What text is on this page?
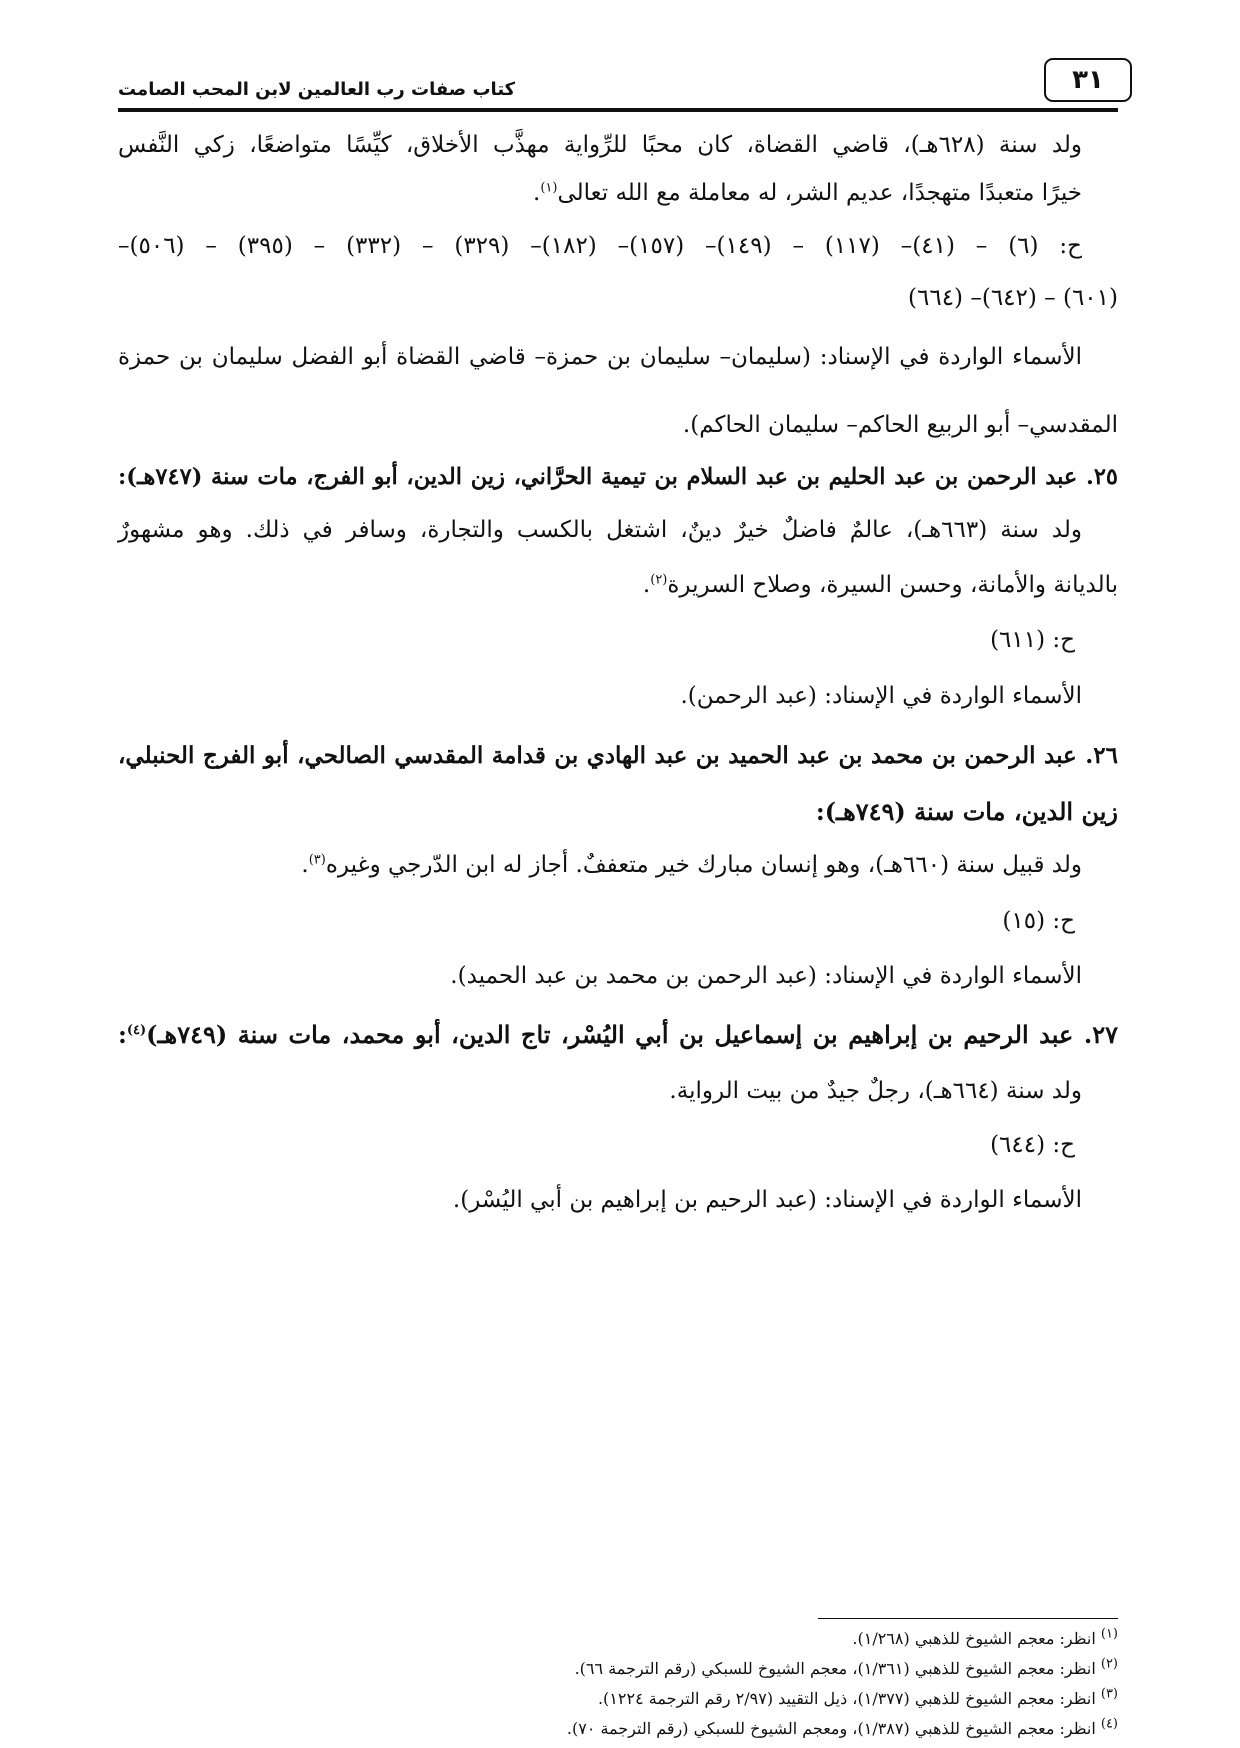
٣١
كتاب صفات رب العالمين لابن المحب الصامت
ولد سنة (٦٢٨هـ)، قاضي القضاة، كان محبًا للرِّواية مهذَّب الأخلاق، كيِّسًا متواضعًا، زكي النَّفس
خيرًا متعبدًا متهجدًا، عديم الشر، له معاملة مع الله تعالى$^{(١)}$.
ح: (٦) – (٤١)– (١١٧) – (١٤٩)– (١٥٧)– (١٨٢)– (٣٢٩) – (٣٣٢) – (٣٩٥) – (٥٠٦)–
(٦٠١) – (٦٤٢)– (٦٦٤)
الأسماء الواردة في الإسناد: (سليمان– سليمان بن حمزة– قاضي القضاة أبو الفضل سليمان بن حمزة
المقدسي– أبو الربيع الحاكم– سليمان الحاكم).
٢٥. عبد الرحمن بن عبد الحليم بن عبد السلام بن تيمية الحرَّاني، زين الدين، أبو الفرج، مات سنة (٧٤٧هـ):
ولد سنة (٦٦٣هـ)، عالمٌ فاضلٌ خيرٌ دينٌ، اشتغل بالكسب والتجارة، وسافر في ذلك. وهو مشهورٌ
بالديانة والأمانة، وحسن السيرة، وصلاح السريرة$^{(٢)}$.
ح: (٦١١)
الأسماء الواردة في الإسناد: (عبد الرحمن).
٢٦. عبد الرحمن بن محمد بن عبد الحميد بن عبد الهادي بن قدامة المقدسي الصالحي، أبو الفرج الحنبلي،
زين الدين، مات سنة (٧٤٩هـ):
ولد قبيل سنة (٦٦٠هـ)، وهو إنسان مبارك خير متعففٌ. أجاز له ابن الدّرجي وغيره$^{(٣)}$.
ح: (١٥)
الأسماء الواردة في الإسناد: (عبد الرحمن بن محمد بن عبد الحميد).
٢٧. عبد الرحيم بن إبراهيم بن إسماعيل بن أبي اليُسْر، تاج الدين، أبو محمد، مات سنة (٧٤٩هـ)$^{(٤)}$:
ولد سنة (٦٦٤هـ)، رجلٌ جيدٌ من بيت الرواية.
ح: (٦٤٤)
الأسماء الواردة في الإسناد: (عبد الرحيم بن إبراهيم بن أبي اليُسْر).
$^{(١)}$ انظر: معجم الشيوخ للذهبي (١/٢٦٨).
$^{(٢)}$ انظر: معجم الشيوخ للذهبي (١/٣٦١)، معجم الشيوخ للسبكي (رقم الترجمة ٦٦).
$^{(٣)}$ انظر: معجم الشيوخ للذهبي (١/٣٧٧)، ذيل التقييد (٢/٩٧ رقم الترجمة ١٢٢٤).
$^{(٤)}$ انظر: معجم الشيوخ للذهبي (١/٣٨٧)، ومعجم الشيوخ للسبكي (رقم الترجمة ٧٠).
